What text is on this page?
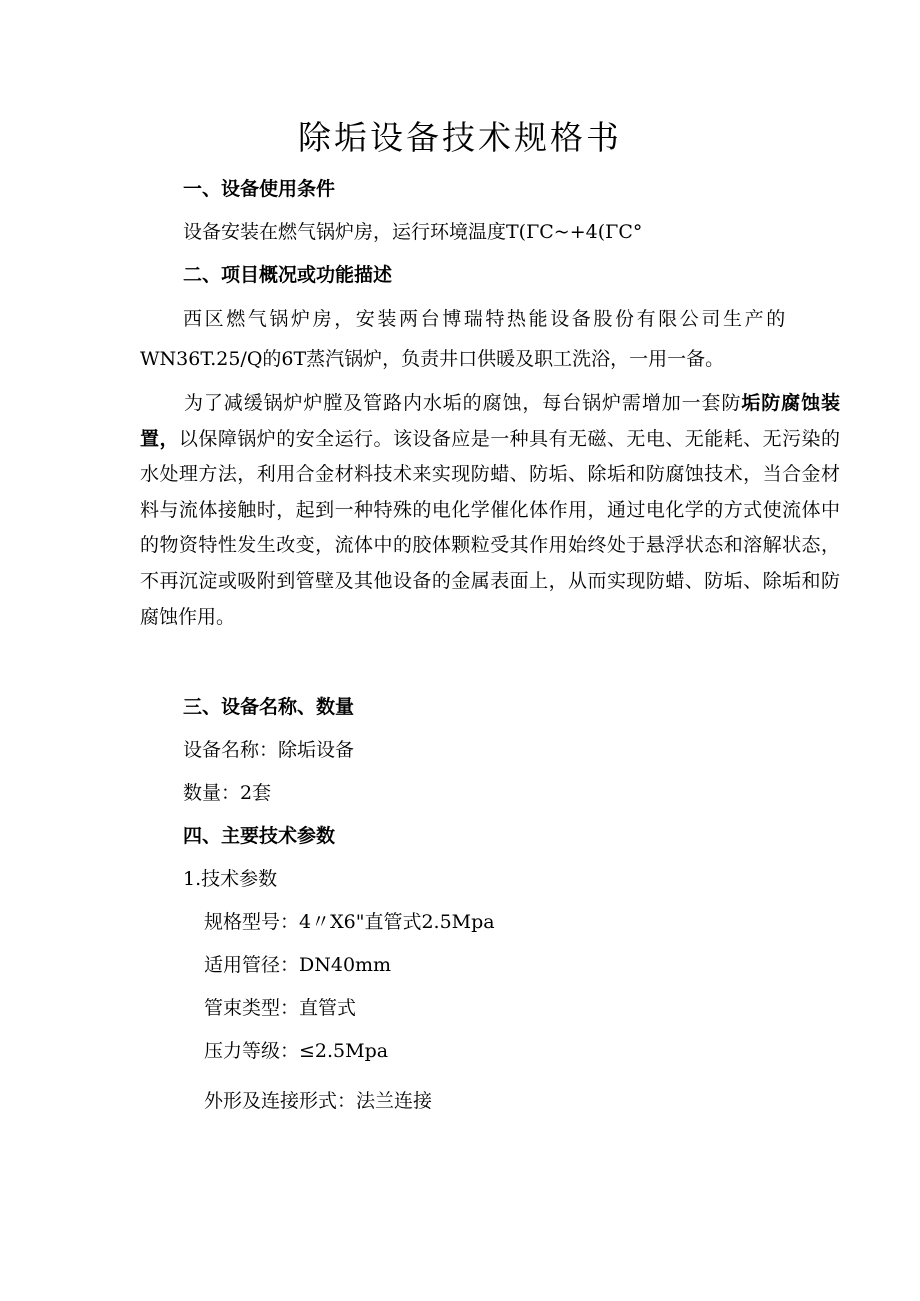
除垢设备技术规格书
一、设备使用条件
设备安装在燃气锅炉房，运行环境温度T(ΓC~+4(ΓC°
二、项目概况或功能描述
西区燃气锅炉房，安装两台博瑞特热能设备股份有限公司生产的
WN36T.25/Q的6T蒸汽锅炉，负责井口供暖及职工洗浴，一用一备。
为了减缓锅炉炉膛及管路内水垢的腐蚀，每台锅炉需增加一套防垢防腐蚀装置，以保障锅炉的安全运行。该设备应是一种具有无磁、无电、无能耗、无污染的水处理方法，利用合金材料技术来实现防蜡、防垢、除垢和防腐蚀技术，当合金材料与流体接触时，起到一种特殊的电化学催化体作用，通过电化学的方式使流体中的物资特性发生改变，流体中的胶体颗粒受其作用始终处于悬浮状态和溶解状态，不再沉淀或吸附到管壁及其他设备的金属表面上，从而实现防蜡、防垢、除垢和防腐蚀作用。
三、设备名称、数量
设备名称：除垢设备
数量：2套
四、主要技术参数
1.技术参数
规格型号：4〃X6"直管式2.5Mpa
适用管径：DN40mm
管束类型：直管式
压力等级：≤2.5Mpa
外形及连接形式：法兰连接
